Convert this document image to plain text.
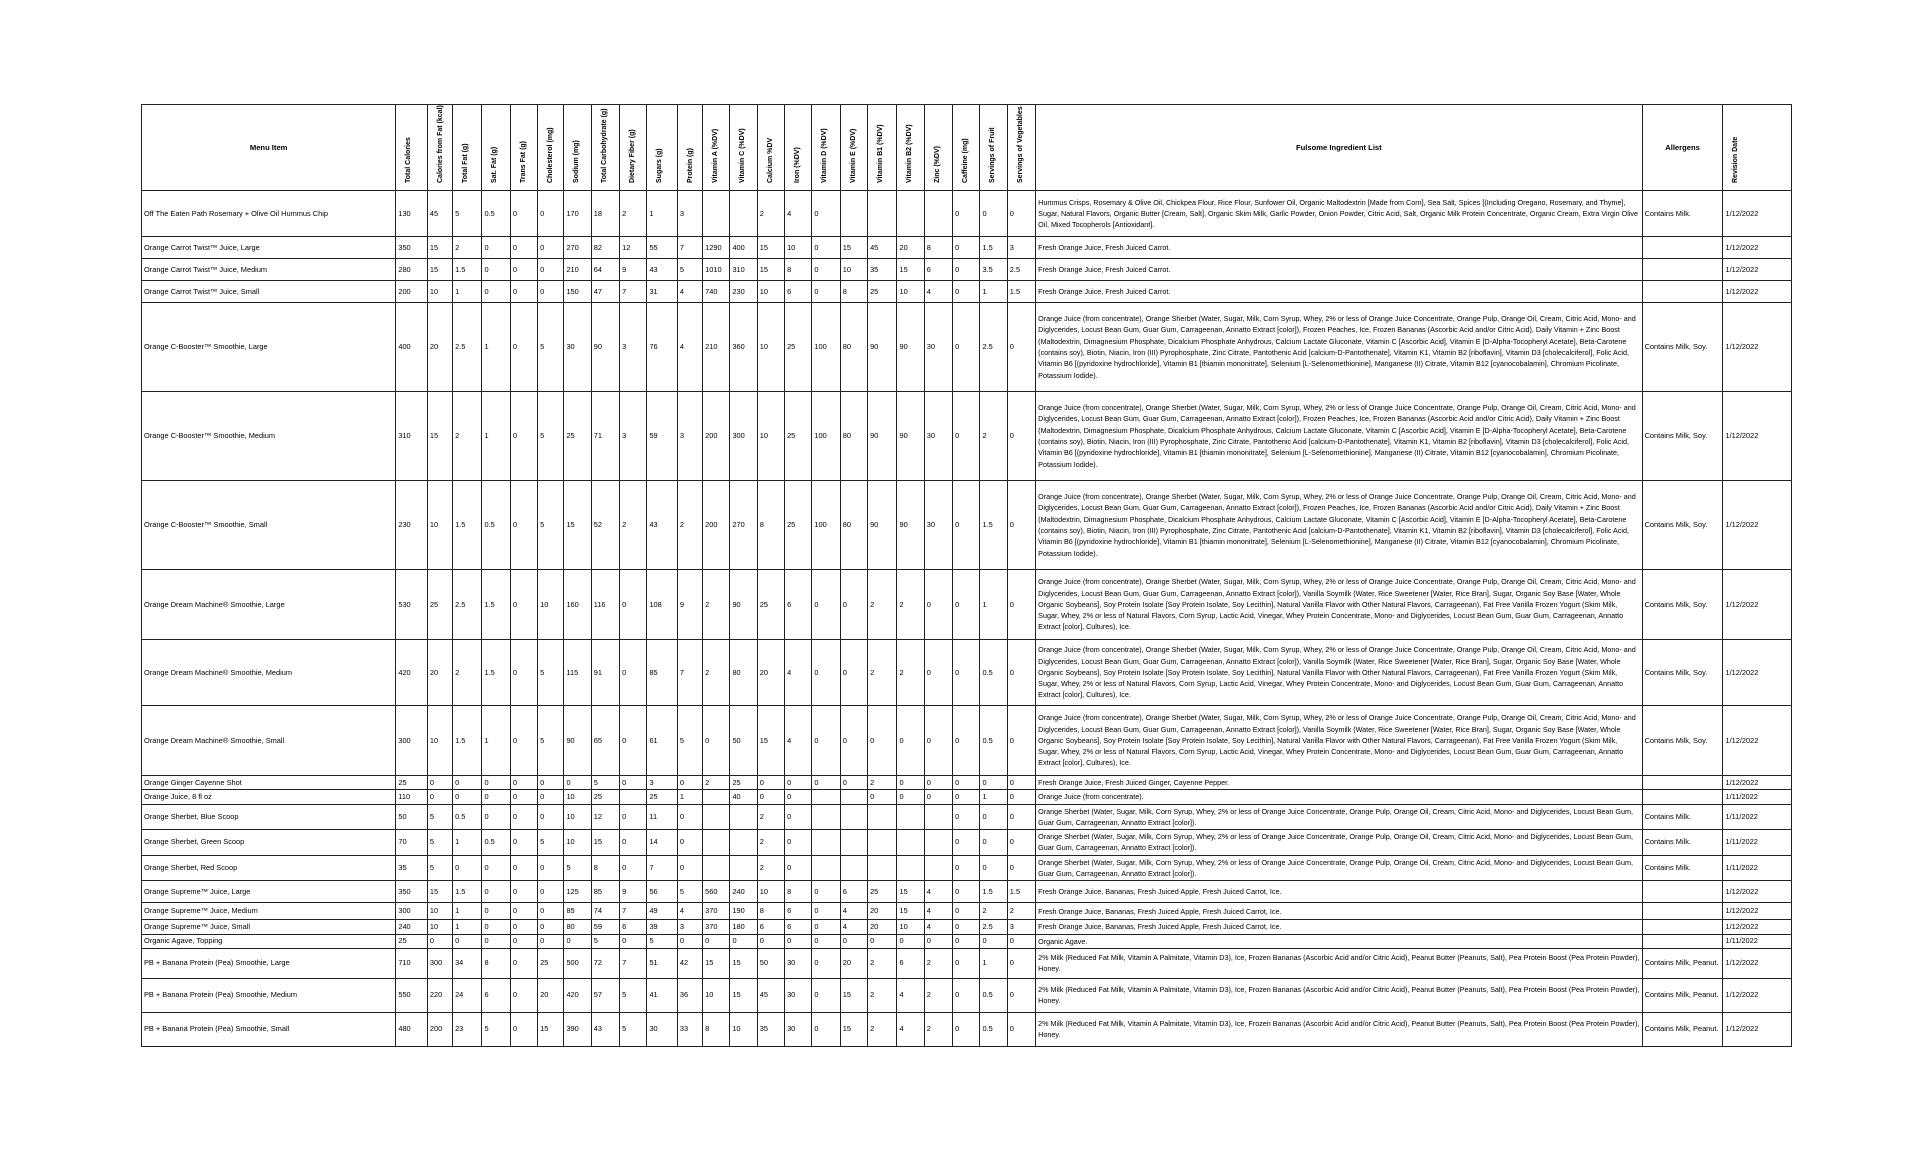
Menu Item	Total Calories	Calories from Fat (kcal)	Total Fat (g)	Sat. Fat (g)	Trans Fat (g)	Cholesterol (mg)	Sodium (mg)	Total Carbohydrate (g)	Dietary Fiber (g)	Sugars (g)	Protein (g)	Vitamin A (%DV)	Vitamin C (%DV)	Calcium %DV	Iron (%DV)	Vitamin D (%DV)	Vitamin E (%DV)	Vitamin B1 (%DV)	Vitamin B2 (%DV)	Zinc (%DV)	Caffeine (mg)	Servings of Fruit	Servings of Vegetables	Fulsome Ingredient List	Allergens	Revision Date

Off The Eaten Path Rosemary + Olive Oil Hummus Chip	130	45	5	0.5	0	0	170	18	2	1	3			2	4	0					0	0	0	Hummus Crisps, Rosemary & Olive Oil, Chickpea Flour, Rice Flour, Sunfower Oil, Organic Maltodextrin [Made from Corn], Sea Salt, Spices [(Including Oregano, Rosemary, and Thyme], Sugar, Natural Flavors, Organic Butter [Cream, Salt], Organic Skim Milk, Garlic Powder, Onion Powder, Citric Acid, Salt, Organic Milk Protein Concentrate, Organic Cream, Extra Virgin Olive Oil, Mixed Tocopherols [Antioxidant].	Contains Milk.	1/12/2022
Orange Carrot Twist™ Juice, Large	350	15	2	0	0	0	270	82	12	55	7	1290	400	15	10	0	15	45	20	8	0	1.5	3	Fresh Orange Juice, Fresh Juiced Carrot.		1/12/2022
Orange Carrot Twist™ Juice, Medium	280	15	1.5	0	0	0	210	64	9	43	5	1010	310	15	8	0	10	35	15	6	0	3.5	2.5	Fresh Orange Juice, Fresh Juiced Carrot.		1/12/2022
Orange Carrot Twist™ Juice, Small	200	10	1	0	0	0	150	47	7	31	4	740	230	10	6	0	8	25	10	4	0	1	1.5	Fresh Orange Juice, Fresh Juiced Carrot.		1/12/2022
Orange C-Booster™ Smoothie, Large	400	20	2.5	1	0	5	30	90	3	76	4	210	360	10	25	100	80	90	90	30	0	2.5	0	Orange Juice (from concentrate), Orange Sherbet (Water, Sugar, Milk, Corn Syrup, Whey, 2% or less of Orange Juice Concentrate, Orange Pulp, Orange Oil, Cream, Citric Acid, Mono- and Diglycerides, Locust Bean Gum, Guar Gum, Carrageenan, Annatto Extract [color]), Frozen Peaches, Ice, Frozen Bananas (Ascorbic Acid and/or Citric Acid), Daily Vitamin + Zinc Boost (Maltodextrin, Dimagnesium Phosphate, Dicalcium Phosphate Anhydrous, Calcium Lactate Gluconate, Vitamin C [Ascorbic Acid], Vitamin E [D-Alpha-Tocopheryl Acetate], Beta-Carotene (contains soy), Biotin, Niacin, Iron (III) Pyrophosphate, Zinc Citrate, Pantothenic Acid [calcium-D-Pantothenate], Vitamin K1, Vitamin B2 [riboflavin], Vitamin D3 [cholecalciferol], Folic Acid, Vitamin B6 [(pyridoxine hydrochloride], Vitamin B1 [thiamin mononitrate], Selenium [L-Selenomethionine], Manganese (II) Citrate, Vitamin B12 [cyanocobalamin], Chromium Picolinate, Potassium Iodide).	Contains Milk, Soy.	1/12/2022
Orange C-Booster™ Smoothie, Medium	310	15	2	1	0	5	25	71	3	59	3	200	300	10	25	100	80	90	90	30	0	2	0	Orange Juice (from concentrate), Orange Sherbet (Water, Sugar, Milk, Corn Syrup, Whey, 2% or less of Orange Juice Concentrate, Orange Pulp, Orange Oil, Cream, Citric Acid, Mono- and Diglycerides, Locust Bean Gum, Guar Gum, Carrageenan, Annatto Extract [color]), Frozen Peaches, Ice, Frozen Bananas (Ascorbic Acid and/or Citric Acid), Daily Vitamin + Zinc Boost (Maltodextrin, Dimagnesium Phosphate, Dicalcium Phosphate Anhydrous, Calcium Lactate Gluconate, Vitamin C [Ascorbic Acid], Vitamin E [D-Alpha-Tocopheryl Acetate], Beta-Carotene (contains soy), Biotin, Niacin, Iron (III) Pyrophosphate, Zinc Citrate, Pantothenic Acid [calcium-D-Pantothenate], Vitamin K1, Vitamin B2 [riboflavin], Vitamin D3 [cholecalciferol], Folic Acid, Vitamin B6 [(pyridoxine hydrochloride], Vitamin B1 [thiamin mononitrate], Selenium [L-Selenomethionine], Manganese (II) Citrate, Vitamin B12 [cyanocobalamin], Chromium Picolinate, Potassium Iodide).	Contains Milk, Soy.	1/12/2022
Orange C-Booster™ Smoothie, Small	230	10	1.5	0.5	0	5	15	52	2	43	2	200	270	8	25	100	80	90	90	30	0	1.5	0	Orange Juice (from concentrate), Orange Sherbet (Water, Sugar, Milk, Corn Syrup, Whey, 2% or less of Orange Juice Concentrate, Orange Pulp, Orange Oil, Cream, Citric Acid, Mono- and Diglycerides, Locust Bean Gum, Guar Gum, Carrageenan, Annatto Extract [color]), Frozen Peaches, Ice, Frozen Bananas (Ascorbic Acid and/or Citric Acid), Daily Vitamin + Zinc Boost (Maltodextrin, Dimagnesium Phosphate, Dicalcium Phosphate Anhydrous, Calcium Lactate Gluconate, Vitamin C [Ascorbic Acid], Vitamin E [D-Alpha-Tocopheryl Acetate], Beta-Carotene (contains soy), Biotin, Niacin, Iron (III) Pyrophosphate, Zinc Citrate, Pantothenic Acid [calcium-D-Pantothenate], Vitamin K1, Vitamin B2 [riboflavin], Vitamin D3 [cholecalciferol], Folic Acid, Vitamin B6 [(pyridoxine hydrochloride], Vitamin B1 [thiamin mononitrate], Selenium [L-Selenomethionine], Manganese (II) Citrate, Vitamin B12 [cyanocobalamin], Chromium Picolinate, Potassium Iodide).	Contains Milk, Soy.	1/12/2022
Orange Dream Machine® Smoothie, Large	530	25	2.5	1.5	0	10	160	116	0	108	9	2	90	25	6	0	0	2	2	0	0	1	0	Orange Juice (from concentrate), Orange Sherbet (Water, Sugar, Milk, Corn Syrup, Whey, 2% or less of Orange Juice Concentrate, Orange Pulp, Orange Oil, Cream, Citric Acid, Mono- and Diglycerides, Locust Bean Gum, Guar Gum, Carrageenan, Annatto Extract [color]), Vanilla Soymilk (Water, Rice Sweetener [Water, Rice Bran], Sugar, Organic Soy Base [Water, Whole Organic Soybeans], Soy Protein Isolate [Soy Protein Isolate, Soy Lecithin], Natural Vanilla Flavor with Other Natural Flavors, Carrageenan), Fat Free Vanilla Frozen Yogurt (Skim Milk, Sugar, Whey, 2% or less of Natural Flavors, Corn Syrup, Lactic Acid, Vinegar, Whey Protein Concentrate, Mono- and Diglycerides, Locust Bean Gum, Guar Gum, Carrageenan, Annatto Extract [color], Cultures), Ice.	Contains Milk, Soy.	1/12/2022
Orange Dream Machine® Smoothie, Medium	420	20	2	1.5	0	5	115	91	0	85	7	2	80	20	4	0	0	2	2	0	0	0.5	0	Orange Juice (from concentrate), Orange Sherbet (Water, Sugar, Milk, Corn Syrup, Whey, 2% or less of Orange Juice Concentrate, Orange Pulp, Orange Oil, Cream, Citric Acid, Mono- and Diglycerides, Locust Bean Gum, Guar Gum, Carrageenan, Annatto Extract [color]), Vanilla Soymilk (Water, Rice Sweetener [Water, Rice Bran], Sugar, Organic Soy Base [Water, Whole Organic Soybeans], Soy Protein Isolate [Soy Protein Isolate, Soy Lecithin], Natural Vanilla Flavor with Other Natural Flavors, Carrageenan), Fat Free Vanilla Frozen Yogurt (Skim Milk, Sugar, Whey, 2% or less of Natural Flavors, Corn Syrup, Lactic Acid, Vinegar, Whey Protein Concentrate, Mono- and Diglycerides, Locust Bean Gum, Guar Gum, Carrageenan, Annatto Extract [color], Cultures), Ice.	Contains Milk, Soy.	1/12/2022
Orange Dream Machine® Smoothie, Small	300	10	1.5	1	0	5	90	65	0	61	5	0	50	15	4	0	0	0	0	0	0	0.5	0	Orange Juice (from concentrate), Orange Sherbet (Water, Sugar, Milk, Corn Syrup, Whey, 2% or less of Orange Juice Concentrate, Orange Pulp, Orange Oil, Cream, Citric Acid, Mono- and Diglycerides, Locust Bean Gum, Guar Gum, Carrageenan, Annatto Extract [color]), Vanilla Soymilk (Water, Rice Sweetener [Water, Rice Bran], Sugar, Organic Soy Base [Water, Whole Organic Soybeans], Soy Protein Isolate [Soy Protein Isolate, Soy Lecithin], Natural Vanilla Flavor with Other Natural Flavors, Carrageenan), Fat Free Vanilla Frozen Yogurt (Skim Milk, Sugar, Whey, 2% or less of Natural Flavors, Corn Syrup, Lactic Acid, Vinegar, Whey Protein Concentrate, Mono- and Diglycerides, Locust Bean Gum, Guar Gum, Carrageenan, Annatto Extract [color], Cultures), Ice.	Contains Milk, Soy.	1/12/2022
Orange Ginger Cayenne Shot	25	0	0	0	0	0	0	5	0	3	0	2	25	0	0	0	0	2	0	0	0	0	0	Fresh Orange Juice, Fresh Juiced Ginger, Cayenne Pepper.		1/12/2022
Orange Juice, 8 fl oz	110	0	0	0	0	0	10	25		25	1		40	0	0			0	0	0	0	1	0	Orange Juice (from concentrate).		1/11/2022
Orange Sherbet, Blue Scoop	50	5	0.5	0	0	0	10	12	0	11	0			2	0						0	0	0	Orange Sherbet (Water, Sugar, Milk, Corn Syrup, Whey, 2% or less of Orange Juice Concentrate, Orange Pulp, Orange Oil, Cream, Citric Acid, Mono- and Diglycerides, Locust Bean Gum, Guar Gum, Carrageenan, Annatto Extract [color]).	Contains Milk.	1/11/2022
Orange Sherbet, Green Scoop	70	5	1	0.5	0	5	10	15	0	14	0			2	0						0	0	0	Orange Sherbet (Water, Sugar, Milk, Corn Syrup, Whey, 2% or less of Orange Juice Concentrate, Orange Pulp, Orange Oil, Cream, Citric Acid, Mono- and Diglycerides, Locust Bean Gum, Guar Gum, Carrageenan, Annatto Extract [color]).	Contains Milk.	1/11/2022
Orange Sherbet, Red Scoop	35	5	0	0	0	0	5	8	0	7	0			2	0						0	0	0	Orange Sherbet (Water, Sugar, Milk, Corn Syrup, Whey, 2% or less of Orange Juice Concentrate, Orange Pulp, Orange Oil, Cream, Citric Acid, Mono- and Diglycerides, Locust Bean Gum, Guar Gum, Carrageenan, Annatto Extract [color]).	Contains Milk.	1/11/2022
Orange Supreme™ Juice, Large	350	15	1.5	0	0	0	125	85	9	56	5	560	240	10	8	0	6	25	15	4	0	1.5	1.5	Fresh Orange Juice, Bananas, Fresh Juiced Apple, Fresh Juiced Carrot, Ice.		1/12/2022
Orange Supreme™ Juice, Medium	300	10	1	0	0	0	85	74	7	49	4	370	190	8	6	0	4	20	15	4	0	2	2	Fresh Orange Juice, Bananas, Fresh Juiced Apple, Fresh Juiced Carrot, Ice.		1/12/2022
Orange Supreme™ Juice, Small	240	10	1	0	0	0	80	59	6	39	3	370	180	6	6	0	4	20	10	4	0	2.5	3	Fresh Orange Juice, Bananas, Fresh Juiced Apple, Fresh Juiced Carrot, Ice.		1/12/2022
Organic Agave, Topping	25	0	0	0	0	0	0	5	0	5	0	0	0	0	0	0	0	0	0	0	0	0	0	Organic Agave.		1/11/2022
PB + Banana Protein (Pea) Smoothie, Large	710	300	34	8	0	25	500	72	7	51	42	15	15	50	30	0	20	2	6	2	0	1	0	2% Milk (Reduced Fat Milk, Vitamin A Palmitate, Vitamin D3), Ice, Frozen Bananas (Ascorbic Acid and/or Citric Acid), Peanut Butter (Peanuts, Salt), Pea Protein Boost (Pea Protein Powder), Honey.	Contains Milk, Peanut.	1/12/2022
PB + Banana Protein (Pea) Smoothie, Medium	550	220	24	6	0	20	420	57	5	41	36	10	15	45	30	0	15	2	4	2	0	0.5	0	2% Milk (Reduced Fat Milk, Vitamin A Palmitate, Vitamin D3), Ice, Frozen Bananas (Ascorbic Acid and/or Citric Acid), Peanut Butter (Peanuts, Salt), Pea Protein Boost (Pea Protein Powder), Honey.	Contains Milk, Peanut.	1/12/2022
PB + Banana Protein (Pea) Smoothie, Small	480	200	23	5	0	15	390	43	5	30	33	8	10	35	30	0	15	2	4	2	0	0.5	0	2% Milk (Reduced Fat Milk, Vitamin A Palmitate, Vitamin D3), Ice, Frozen Bananas (Ascorbic Acid and/or Citric Acid), Peanut Butter (Peanuts, Salt), Pea Protein Boost (Pea Protein Powder), Honey.	Contains Milk, Peanut.	1/12/2022
